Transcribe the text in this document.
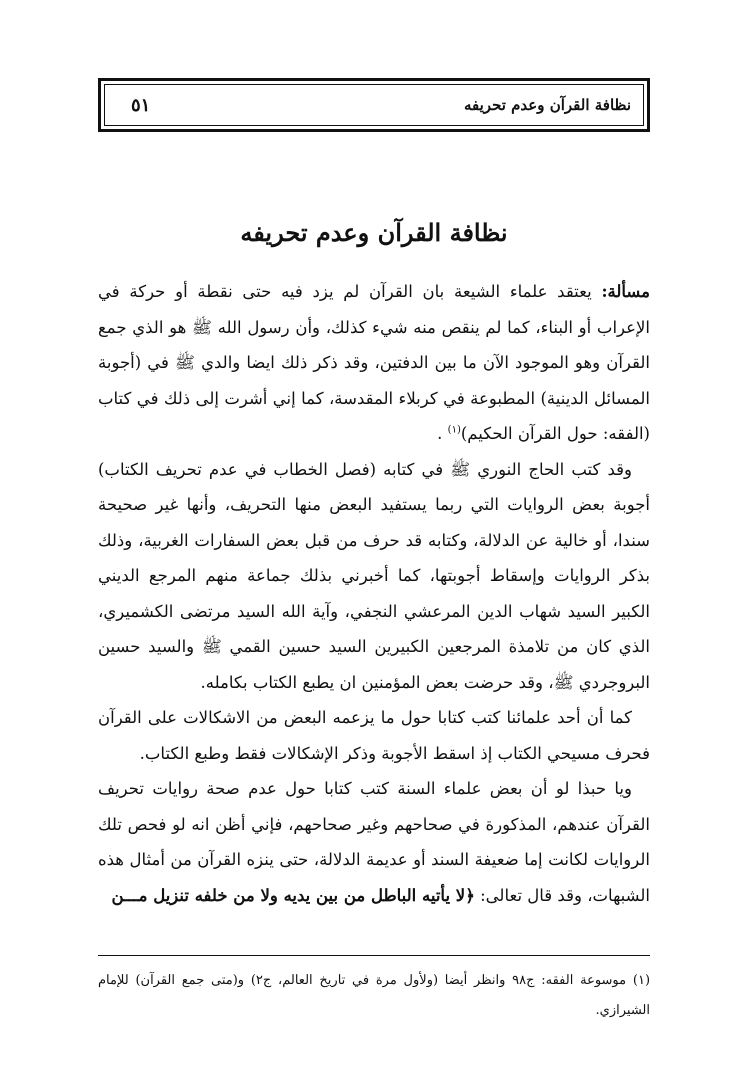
نظافة القرآن وعدم تحريفه
٥١
نظافة القرآن وعدم تحريفه

مسألة: يعتقد علماء الشيعة بان القرآن لم يزد فيه حتى نقطة أو حركة في الإعراب أو البناء، كما لم ينقص منه شيء كذلك، وأن رسول الله ﷺ هو الذي جمع القرآن وهو الموجود الآن ما بين الدفتين، وقد ذكر ذلك ايضا والدي ﷺ في (أجوبة المسائل الدينية) المطبوعة في كربلاء المقدسة، كما إني أشرت إلى ذلك في كتاب (الفقه: حول القرآن الحكيم)$^{(١)}$ .

وقد كتب الحاج النوري ﷺ في كتابه (فصل الخطاب في عدم تحريف الكتاب) أجوبة بعض الروايات التي ربما يستفيد البعض منها التحريف، وأنها غير صحيحة سندا، أو خالية عن الدلالة، وكتابه قد حرف من قبل بعض السفارات الغربية، وذلك بذكر الروايات وإسقاط أجوبتها، كما أخبرني بذلك جماعة منهم المرجع الديني الكبير السيد شهاب الدين المرعشي النجفي، وآية الله السيد مرتضى الكشميري، الذي كان من تلامذة المرجعين الكبيرين السيد حسين القمي ﷺ والسيد حسين البروجردي ﷺ، وقد حرضت بعض المؤمنين ان يطبع الكتاب بكامله.

كما أن أحد علمائنا كتب كتابا حول ما يزعمه البعض من الاشكالات على القرآن فحرف مسيحي الكتاب إذ اسقط الأجوبة وذكر الإشكالات فقط وطبع الكتاب.

ويا حبذا لو أن بعض علماء السنة كتب كتابا حول عدم صحة روايات تحريف القرآن عندهم، المذكورة في صحاحهم وغير صحاحهم، فإني أظن انه لو فحص تلك الروايات لكانت إما ضعيفة السند أو عديمة الدلالة، حتى ينزه القرآن من أمثال هذه الشبهات، وقد قال تعالى: ﴿لا يأتيه الباطل من بين يديه ولا من خلفه تنزيل مـــن

(١) موسوعة الفقه: ج٩٨ وانظر أيضا (ولأول مرة في تاريخ العالم، ج٢) و(متى جمع القرآن) للإمام الشيرازي.
